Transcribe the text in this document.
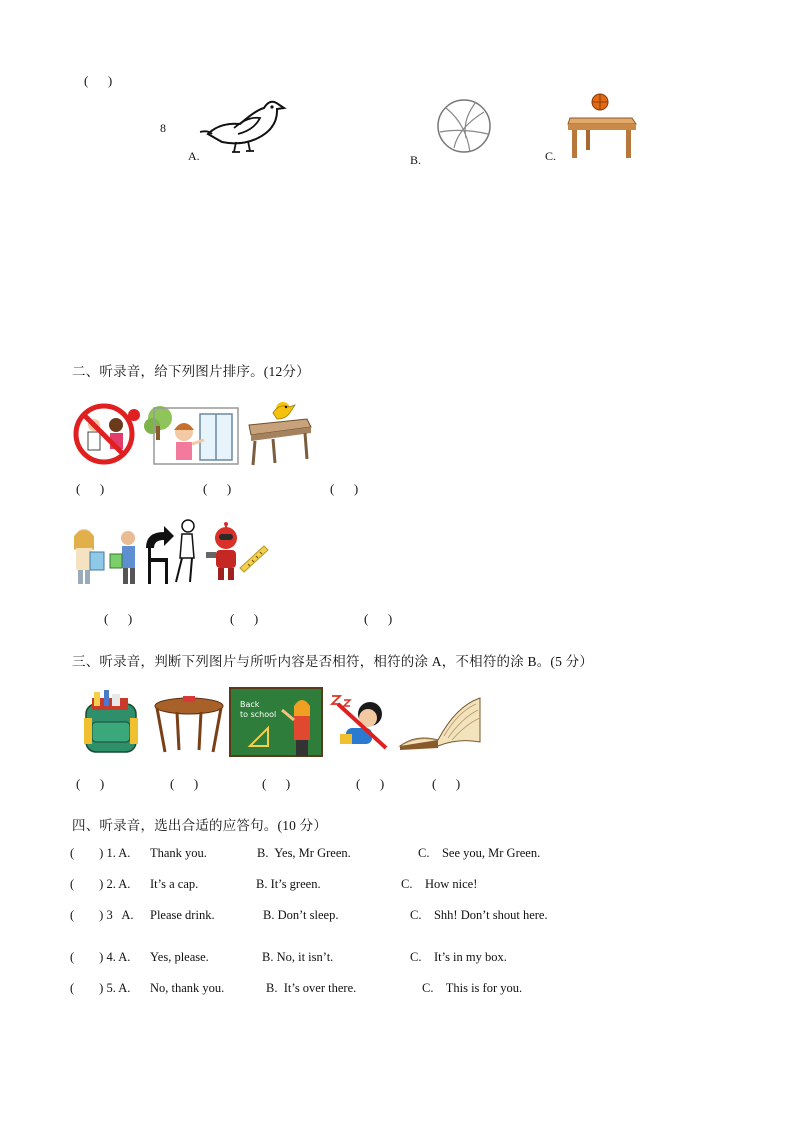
(      )
8
A.	B.	C.
二、听录音，给下列图片排序。(12分）
(      )	(      )	(      )
(      )	(      )	(      )
三、听录音，判断下列图片与所听内容是否相符，相符的涂 A，不相符的涂 B。(5 分）
Back
to school
(      )	(      )	(      )	(      )	(      )
四、听录音，选出合适的应答句。(10 分）
(        ) 1. A. Thank you.	B.  Yes, Mr Green.	C.    See you, Mr Green.
(        ) 2. A. It’s a cap.	B. It’s green.	C.    How nice!
(        ) 3   A. Please drink.	B. Don’t sleep.	C.    Shh! Don’t shout here.
(        ) 4. A. Yes, please.	B. No, it isn’t.	C.    It’s in my box.
(        ) 5. A. No, thank you.	B.  It’s over there.	C.    This is for you.
